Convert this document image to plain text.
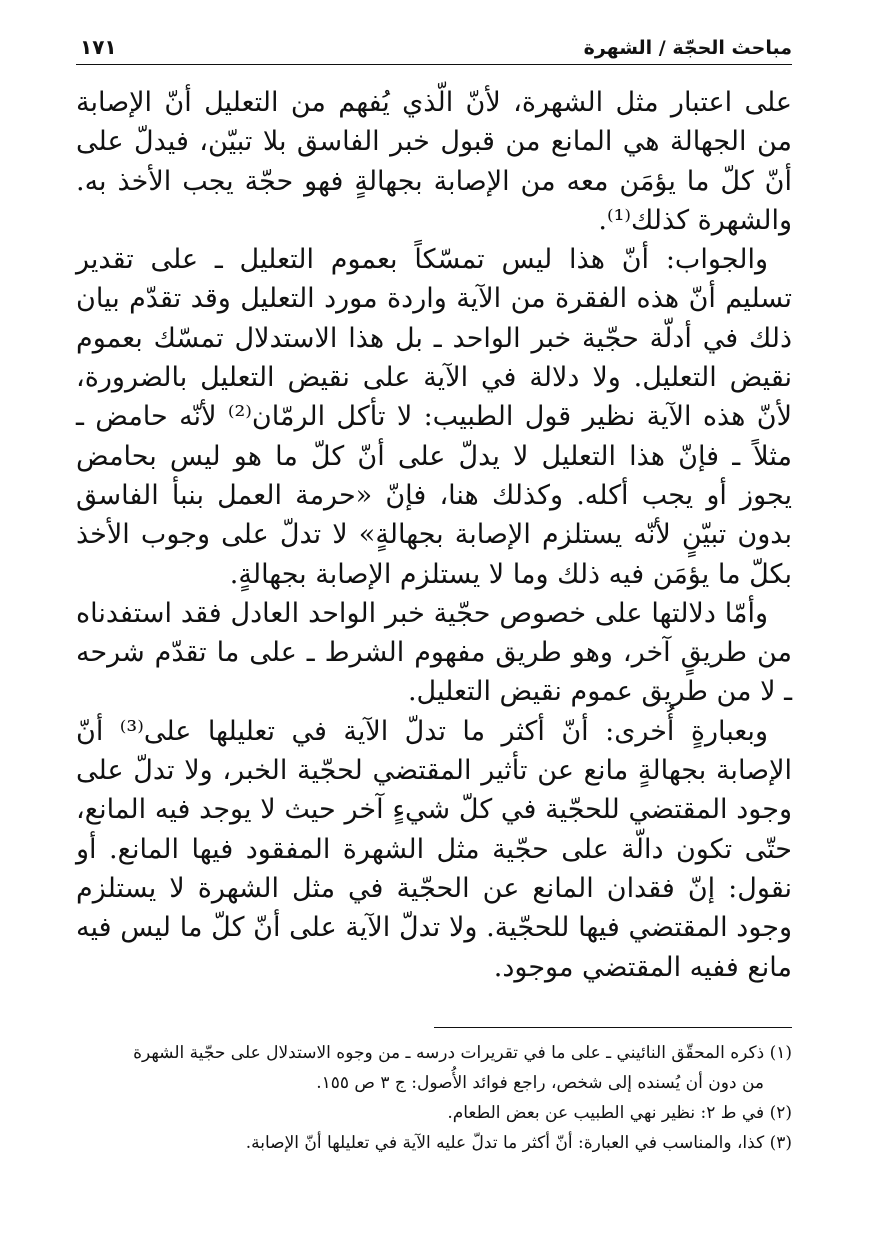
مباحث الحجّة / الشهرة
١٧١

على اعتبار مثل الشهرة، لأنّ الّذي يُفهم من التعليل أنّ الإصابة من الجهالة هي المانع من قبول خبر الفاسق بلا تبيّن، فيدلّ على أنّ كلّ ما يؤمَن معه من الإصابة بجهالةٍ فهو حجّة يجب الأخذ به. والشهرة كذلك⁽¹⁾.

والجواب: أنّ هذا ليس تمسّكاً بعموم التعليل ـ على تقدير تسليم أنّ هذه الفقرة من الآية واردة مورد التعليل وقد تقدّم بيان ذلك في أدلّة حجّية خبر الواحد ـ بل هذا الاستدلال تمسّك بعموم نقيض التعليل. ولا دلالة في الآية على نقيض التعليل بالضرورة، لأنّ هذه الآية نظير قول الطبيب: لا تأكل الرمّان⁽²⁾ لأنّه حامض ـ مثلاً ـ فإنّ هذا التعليل لا يدلّ على أنّ كلّ ما هو ليس بحامض يجوز أو يجب أكله. وكذلك هنا، فإنّ «حرمة العمل بنبأ الفاسق بدون تبيّنٍ لأنّه يستلزم الإصابة بجهالةٍ» لا تدلّ على وجوب الأخذ بكلّ ما يؤمَن فيه ذلك وما لا يستلزم الإصابة بجهالةٍ.

وأمّا دلالتها على خصوص حجّية خبر الواحد العادل فقد استفدناه من طريقٍ آخر، وهو طريق مفهوم الشرط ـ على ما تقدّم شرحه ـ لا من طريق عموم نقيض التعليل.

وبعبارةٍ أُخرى: أنّ أكثر ما تدلّ الآية في تعليلها على⁽³⁾ أنّ الإصابة بجهالةٍ مانع عن تأثير المقتضي لحجّية الخبر، ولا تدلّ على وجود المقتضي للحجّية في كلّ شيءٍ آخر حيث لا يوجد فيه المانع، حتّى تكون دالّة على حجّية مثل الشهرة المفقود فيها المانع. أو نقول: إنّ فقدان المانع عن الحجّية في مثل الشهرة لا يستلزم وجود المقتضي فيها للحجّية. ولا تدلّ الآية على أنّ كلّ ما ليس فيه مانع ففيه المقتضي موجود.

(١) ذكره المحقّق النائيني ـ على ما في تقريرات درسه ـ من وجوه الاستدلال على حجّية الشهرة

من دون أن يُسنده إلى شخص، راجع فوائد الأُصول: ج ٣ ص ١٥٥.

(٢) في ط ٢: نظير نهي الطبيب عن بعض الطعام.

(٣) كذا، والمناسب في العبارة: أنّ أكثر ما تدلّ عليه الآية في تعليلها أنّ الإصابة.
